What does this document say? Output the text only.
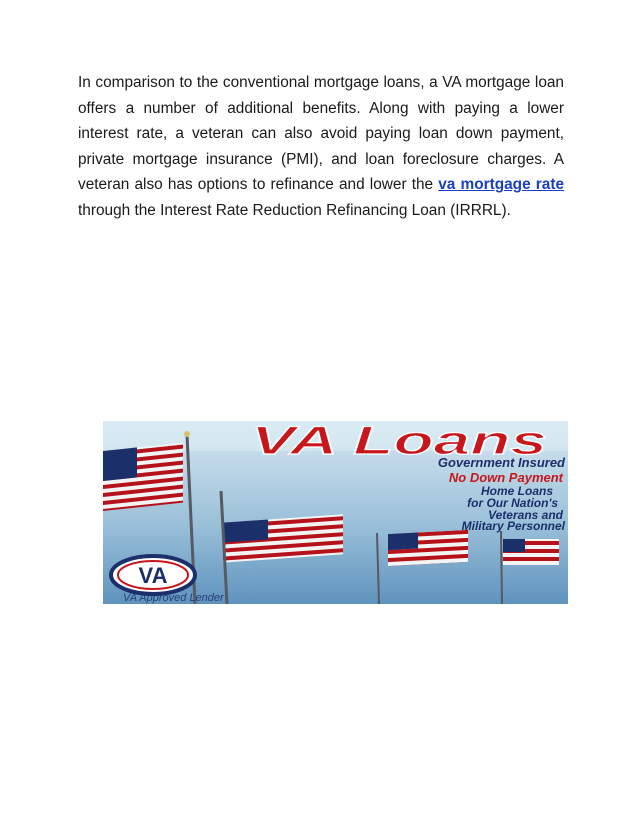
In comparison to the conventional mortgage loans, a VA mortgage loan offers a number of additional benefits. Along with paying a lower interest rate, a veteran can also avoid paying loan down payment, private mortgage insurance (PMI), and loan foreclosure charges. A veteran also has options to refinance and lower the va mortgage rate through the Interest Rate Reduction Refinancing Loan (IRRRL).

VA Loans
Government Insured
No Down Payment
Home Loans
for Our Nation's
Veterans and
Military Personnel
VA
VA Approved Lender
